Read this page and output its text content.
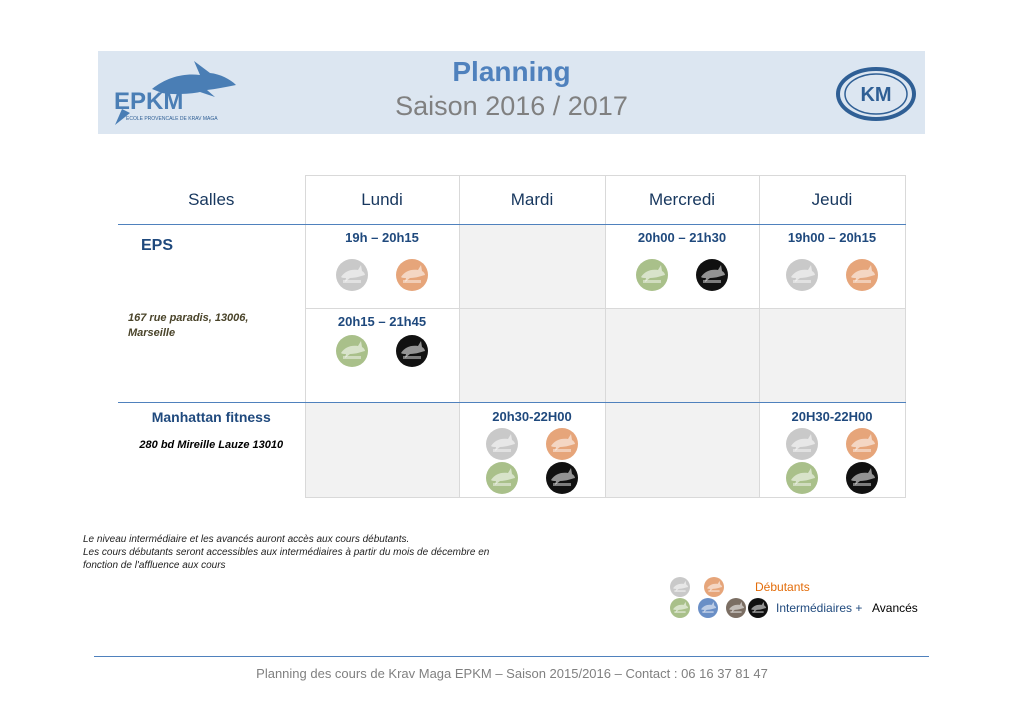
EPKM
ECOLE PROVENCALE DE KRAV MAGA
Planning
Saison 2016 / 2017	KM
Salles	Lundi	Mardi	Mercredi	Jeudi

EPS
167 rue paradis, 13006, Marseille	19h – 20h15		20h00 – 21h30	19h00 – 20h15

	20h15 – 21h45			

Manhattan fitness
280 bd Mireille Lauze 13010		20h30-22H00		20H30-22H00
Le niveau intermédiaire et les avancés auront accès aux cours débutants.
Les cours débutants seront accessibles aux intermédiaires à partir du mois de décembre en
fonction de l'affluence aux cours
Débutants
Intermédiaires + Avancés
Planning des cours de Krav Maga EPKM – Saison 2015/2016 – Contact : 06 16 37 81 47
